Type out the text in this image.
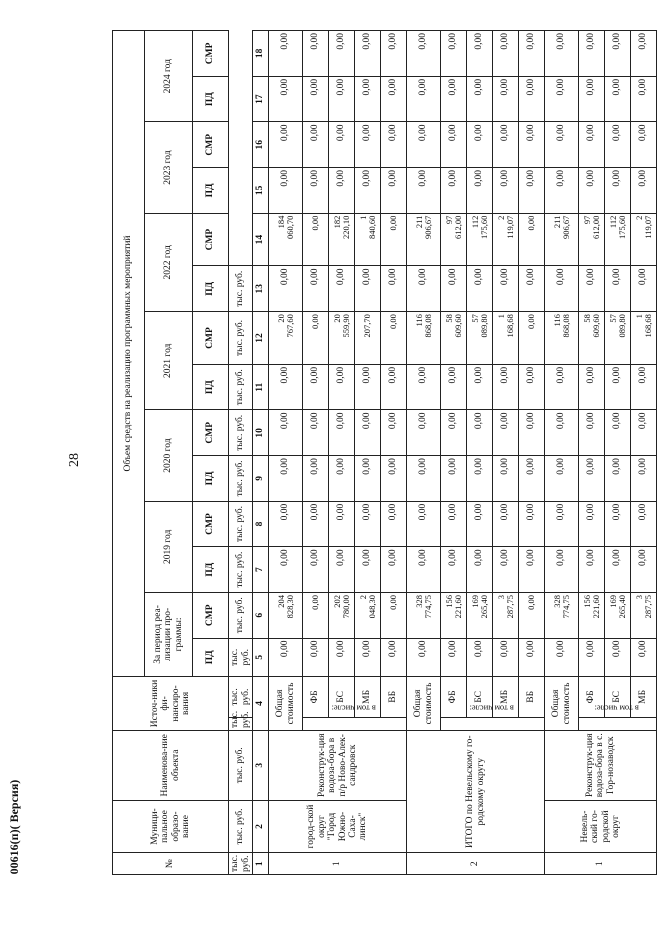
28
00616(п)( Версия)	№	Муници-пальное образо-вание	Наименова-ние объекта	Источ-ники фи-нансиро-вания		Объем средств на реализацию программных мероприятий													
					За период реа-лизации про-граммы:		2019 год		2020 год		2021 год		2022 год		2023 год		2024 год	
					ПД	СМР	ПД	СМР	ПД	СМР	ПД	СМР	ПД	СМР	ПД	СМР	ПД	СМР
тыс. руб.	тыс. руб.	тыс. руб.	тыс. руб.	тыс. руб.	тыс. руб.	тыс. руб.	тыс. руб.	тыс. руб.	тыс. руб.	тыс. руб.	тыс. руб.	тыс. руб.	тыс. руб.					
1	2	3	4		5	6	7	8	9	10	11	12	13	14	15	16	17	18
1	город-ской округ "Город Южно-Саха-линск"	Реконструк-ция водоза-бора в п/р Ново-Алек-сандровск	Общая стоимость		0,00	204 828,30	0,00	0,00	0,00	0,00	0,00	20 767,60	0,00	184 060,70	0,00	0,00	0,00	0,00
			в том числе:	ФБ	0,00	0,00	0,00	0,00	0,00	0,00	0,00	0,00	0,00	0,00	0,00	0,00	0,00	0,00
				БС	0,00	202 780,00	0,00	0,00	0,00	0,00	0,00	20 559,90	0,00	182 220,10	0,00	0,00	0,00	0,00
				МБ	0,00	2 048,30	0,00	0,00	0,00	0,00	0,00	207,70	0,00	1 840,60	0,00	0,00	0,00	0,00
				ВБ	0,00	0,00	0,00	0,00	0,00	0,00	0,00	0,00	0,00	0,00	0,00	0,00	0,00	0,00
2	ИТОГО по Невельскому го-родскому округу		Общая стоимость		0,00	328 774,75	0,00	0,00	0,00	0,00	0,00	116 868,08	0,00	211 906,67	0,00	0,00	0,00	0,00
			в том числе:	ФБ	0,00	156 221,60	0,00	0,00	0,00	0,00	0,00	58 609,60	0,00	97 612,00	0,00	0,00	0,00	0,00
				БС	0,00	169 265,40	0,00	0,00	0,00	0,00	0,00	57 089,80	0,00	112 175,60	0,00	0,00	0,00	0,00
				МБ	0,00	3 287,75	0,00	0,00	0,00	0,00	0,00	1 168,68	0,00	2 119,07	0,00	0,00	0,00	0,00
				ВБ	0,00	0,00	0,00	0,00	0,00	0,00	0,00	0,00	0,00	0,00	0,00	0,00	0,00	0,00
1	Невель-ский го-родской округ	Реконструк-ция водоза-бора в с. Гор-нозаводск	Общая стоимость		0,00	328 774,75	0,00	0,00	0,00	0,00	0,00	116 868,08	0,00	211 906,67	0,00	0,00	0,00	0,00
			в том числе:	ФБ	0,00	156 221,60	0,00	0,00	0,00	0,00	0,00	58 609,60	0,00	97 612,00	0,00	0,00	0,00	0,00
				БС	0,00	169 265,40	0,00	0,00	0,00	0,00	0,00	57 089,80	0,00	112 175,60	0,00	0,00	0,00	0,00
				МБ	0,00	3 287,75	0,00	0,00	0,00	0,00	0,00	1 168,68	0,00	2 119,07	0,00	0,00	0,00	0,00
